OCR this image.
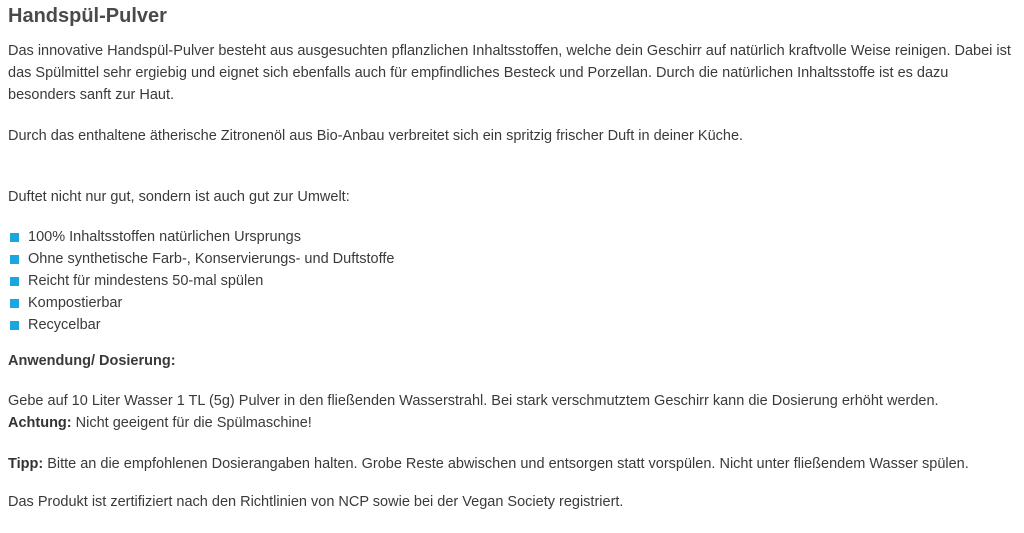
Handspül-Pulver

Das innovative Handspül-Pulver besteht aus ausgesuchten pflanzlichen Inhaltsstoffen, welche dein Geschirr auf natürlich kraftvolle Weise reinigen. Dabei ist das Spülmittel sehr ergiebig und eignet sich ebenfalls auch für empfindliches Besteck und Porzellan. Durch die natürlichen Inhaltsstoffe ist es dazu besonders sanft zur Haut.

Durch das enthaltene ätherische Zitronenöl aus Bio-Anbau verbreitet sich ein spritzig frischer Duft in deiner Küche.

Duftet nicht nur gut, sondern ist auch gut zur Umwelt:

100% Inhaltsstoffen natürlichen Ursprungs
Ohne synthetische Farb-, Konservierungs- und Duftstoffe
Reicht für mindestens 50-mal spülen
Kompostierbar
Recycelbar

Anwendung/ Dosierung:

Gebe auf 10 Liter Wasser 1 TL (5g) Pulver in den fließenden Wasserstrahl. Bei stark verschmutztem Geschirr kann die Dosierung erhöht werden.
Achtung: Nicht geeigent für die Spülmaschine!

Tipp: Bitte an die empfohlenen Dosierangaben halten. Grobe Reste abwischen und entsorgen statt vorspülen. Nicht unter fließendem Wasser spülen.

Das Produkt ist zertifiziert nach den Richtlinien von NCP sowie bei der Vegan Society registriert.
